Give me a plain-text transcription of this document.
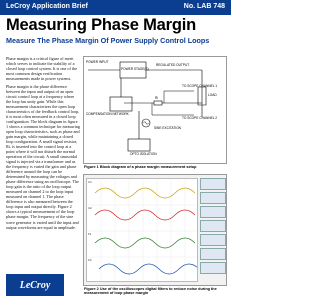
LeCroy Application Brief	No. LAB 748
Measuring Phase Margin
Measure The Phase Margin Of Power Supply Control Loops

Phase margin is a critical figure of merit which serves to indicate the stability of a closed loop control system. It is one of the most common design verification measurements made in power systems.

Phase margin is the phase difference between the input and output of an open circuit control loop at a frequency where the loop has unity gain. While this measurement characterizes the open loop characteristics of the feedback control loop, it is most often measured in a closed loop configuration. The block diagram in figure 1 shows a common technique for measuring open loop characteristics, such as phase and gain margin, while maintaining a closed loop configuration. A small signal resistor, Ri, is inserted into the control loop at a point where it will not disturb the normal operation of the circuit. A small sinusoidal signal is injected via a transformer and as the frequency is varied the gain and phase difference around the loop can be determined by measuring the voltages and phase difference using an oscilloscope. The loop gain is the ratio of the loop output measured on channel 2 to the loop input measured on channel 1. The phase difference is also measured between the loop input and output directly. Figure 2 shows a typical measurement of the loop phase margin. The frequency of the sine wave generator is varied until the input and output waveforms are equal in amplitude.

LeCroy
POWER INPUT
POWER STAGE(S)
REGULATED OUTPUT
LOAD
COMPENSATION NETWORK
TO SCOPE CHANNEL 1
TO SCOPE CHANNEL 2
SINE EXCITATION
OPTO ISOLATION
Ri
Figure 1 Block diagram of a phase margin measurement setup
C1
C2
F1
F2
Figure 2 Use of the oscilloscopes digital filters to reduce noise during the measurement of loop phase margin
